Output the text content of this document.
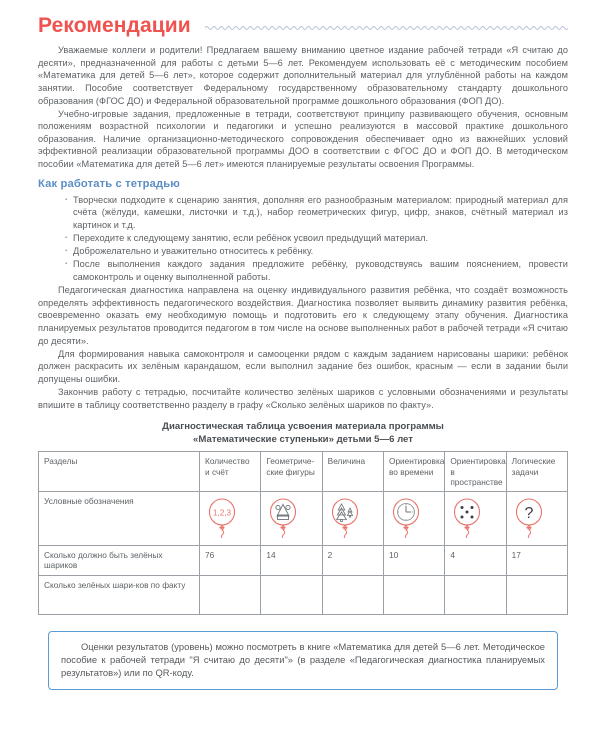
Рекомендации

Уважаемые коллеги и родители! Предлагаем вашему вниманию цветное издание рабочей тетради «Я считаю до десяти», предназначенной для работы с детьми 5—6 лет. Рекомендуем использовать её с методическим пособием «Математика для детей 5—6 лет», которое содержит дополнительный материал для углублённой работы на каждом занятии. Пособие соответствует Федеральному государственному образовательному стандарту дошкольного образования (ФГОС ДО) и Федеральной образовательной программе дошкольного образования (ФОП ДО).

Учебно-игровые задания, предложенные в тетради, соответствуют принципу развивающего обучения, основным положениям возрастной психологии и педагогики и успешно реализуются в массовой практике дошкольного образования. Наличие организационно-методического сопровождения обеспечивает одно из важнейших условий эффективной реализации образовательной программы ДОО в соответствии с ФГОС ДО и ФОП ДО. В методическом пособии «Математика для детей 5—6 лет» имеются планируемые результаты освоения Программы.

Как работать с тетрадью
· Творчески подходите к сценарию занятия, дополняя его разнообразным материалом: природный материал для счёта (жёлуди, камешки, листочки и т.д.), набор геометрических фигур, цифр, знаков, счётный материал из картинок и т.д.
· Переходите к следующему занятию, если ребёнок усвоил предыдущий материал.
· Доброжелательно и уважительно относитесь к ребёнку.
· После выполнения каждого задания предложите ребёнку, руководствуясь вашим пояснением, провести самоконтроль и оценку выполненной работы.

Педагогическая диагностика направлена на оценку индивидуального развития ребёнка, что создаёт возможность определять эффективность педагогического воздействия. Диагностика позволяет выявить динамику развития ребёнка, своевременно оказать ему необходимую помощь и подготовить его к следующему этапу обучения. Диагностика планируемых результатов проводится педагогом в том числе на основе выполненных работ в рабочей тетради «Я считаю до десяти».

Для формирования навыка самоконтроля и самооценки рядом с каждым заданием нарисованы шарики: ребёнок должен раскрасить их зелёным карандашом, если выполнил задание без ошибок, красным — если в задании были допущены ошибки.

Закончив работу с тетрадью, посчитайте количество зелёных шариков с условными обозначениями и результаты впишите в таблицу соответственно разделу в графу «Сколько зелёных шариков по факту».

Диагностическая таблица усвоения материала программы
«Математические ступеньки» детьми 5—6 лет
Разделы	Количество и счёт	Геометриче-ские фигуры	Величина	Ориентировка во времени	Ориентировка в пространстве	Логические задачи
Условные обозначения	1,2,3					?

Сколько должно быть зелёных шариков	76	14	2	10	4	17
Сколько зелёных шари-ков по факту						

Оценки результатов (уровень) можно посмотреть в книге «Математика для детей 5—6 лет. Методическое пособие к рабочей тетради "Я считаю до десяти"» (в разделе «Педагогическая диагностика планируемых результатов») или по QR-коду.
